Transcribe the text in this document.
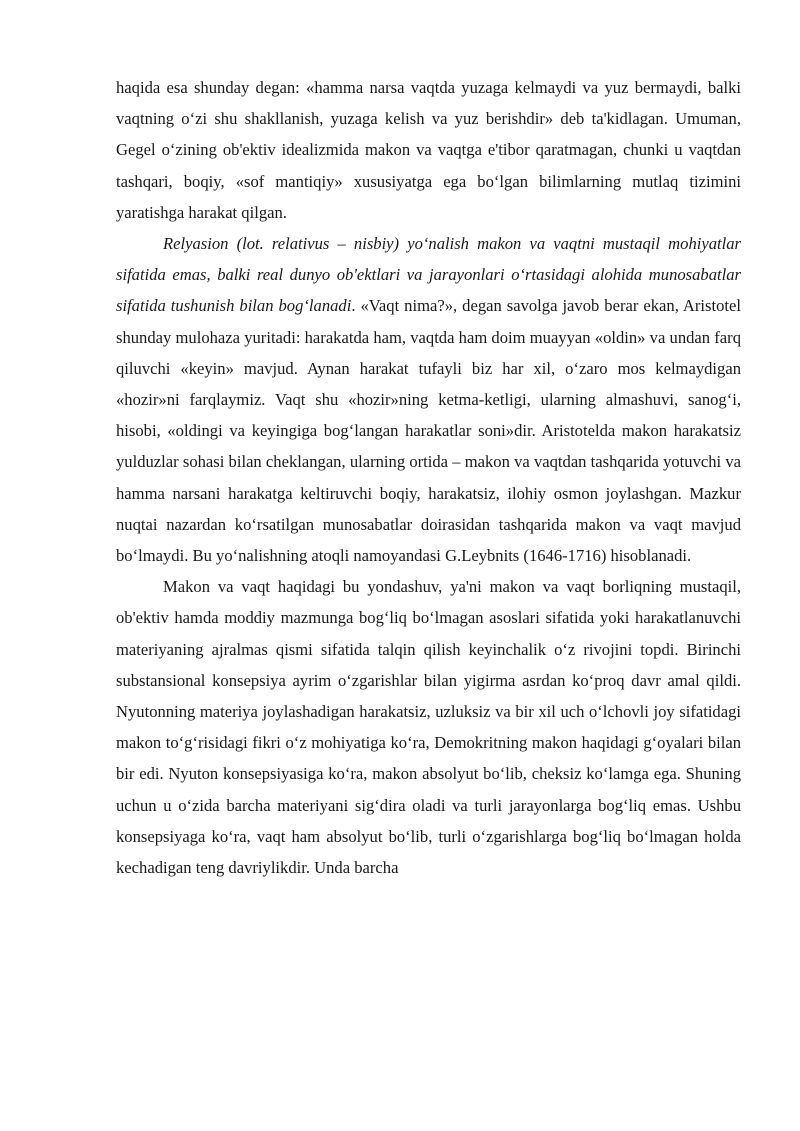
haqida esa shunday degan: «hamma narsa vaqtda yuzaga kelmaydi va yuz bermaydi, balki vaqtning o‘zi shu shakllanish, yuzaga kelish va yuz berishdir» deb ta'kidlagan. Umuman, Gegel o‘zining ob'ektiv idealizmida makon va vaqtga e'tibor qaratmagan, chunki u vaqtdan tashqari, boqiy, «sof mantiqiy» xususiyatga ega bo‘lgan bilimlarning mutlaq tizimini yaratishga harakat qilgan.

Relyasion (lot. relativus – nisbiy) yo‘nalish makon va vaqtni mustaqil mohiyatlar sifatida emas, balki real dunyo ob'ektlari va jarayonlari o‘rtasidagi alohida munosabatlar sifatida tushunish bilan bog‘lanadi. «Vaqt nima?», degan savolga javob berar ekan, Aristotel shunday mulohaza yuritadi: harakatda ham, vaqtda ham doim muayyan «oldin» va undan farq qiluvchi «keyin» mavjud. Aynan harakat tufayli biz har xil, o‘zaro mos kelmaydigan «hozir»ni farqlaymiz. Vaqt shu «hozir»ning ketma-ketligi, ularning almashuvi, sanog‘i, hisobi, «oldingi va keyingiga bog‘langan harakatlar soni»dir. Aristotelda makon harakatsiz yulduzlar sohasi bilan cheklangan, ularning ortida – makon va vaqtdan tashqarida yotuvchi va hamma narsani harakatga keltiruvchi boqiy, harakatsiz, ilohiy osmon joylashgan. Mazkur nuqtai nazardan ko‘rsatilgan munosabatlar doirasidan tashqarida makon va vaqt mavjud bo‘lmaydi. Bu yo‘nalishning atoqli namoyandasi G.Leybnits (1646-1716) hisoblanadi.

Makon va vaqt haqidagi bu yondashuv, ya'ni makon va vaqt borliqning mustaqil, ob'ektiv hamda moddiy mazmunga bog‘liq bo‘lmagan asoslari sifatida yoki harakatlanuvchi materiyaning ajralmas qismi sifatida talqin qilish keyinchalik o‘z rivojini topdi. Birinchi substansional konsepsiya ayrim o‘zgarishlar bilan yigirma asrdan ko‘proq davr amal qildi. Nyutonning materiya joylashadigan harakatsiz, uzluksiz va bir xil uch o‘lchovli joy sifatidagi makon to‘g‘risidagi fikri o‘z mohiyatiga ko‘ra, Demokritning makon haqidagi g‘oyalari bilan bir edi. Nyuton konsepsiyasiga ko‘ra, makon absolyut bo‘lib, cheksiz ko‘lamga ega. Shuning uchun u o‘zida barcha materiyani sig‘dira oladi va turli jarayonlarga bog‘liq emas. Ushbu konsepsiyaga ko‘ra, vaqt ham absolyut bo‘lib, turli o‘zgarishlarga bog‘liq bo‘lmagan holda kechadigan teng davriylikdir. Unda barcha
